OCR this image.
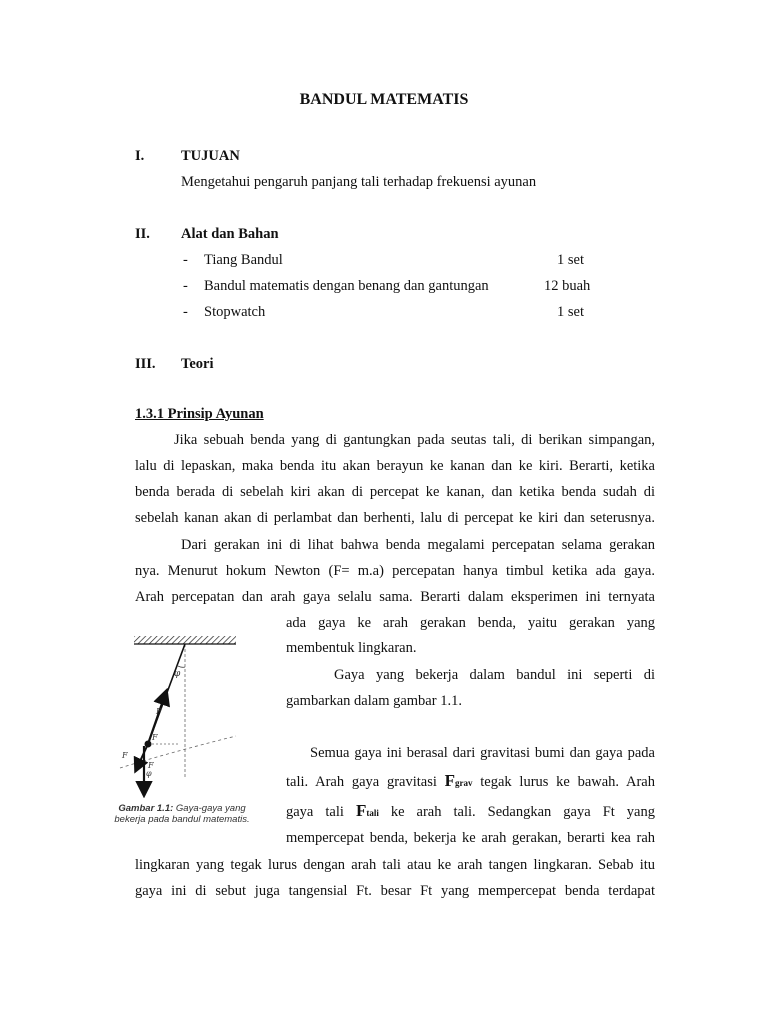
BANDUL MATEMATIS
I.	TUJUAN
Mengetahui pengaruh panjang tali terhadap frekuensi ayunan
II. Alat dan Bahan
- Tiang Bandul	1 set
- Bandul matematis dengan benang dan gantungan	12 buah
- Stopwatch	1 set
III. Teori
1.3.1 Prinsip Ayunan
Jika sebuah benda yang di gantungkan pada seutas tali, di berikan simpangan,
lalu di lepaskan, maka benda itu akan berayun ke kanan dan ke kiri. Berarti, ketika
benda berada di sebelah kiri akan di percepat ke kanan, dan ketika benda sudah di
sebelah kanan akan di perlambat dan berhenti, lalu di percepat ke kiri dan seterusnya.
Dari gerakan ini di lihat bahwa benda megalami percepatan selama gerakan
nya. Menurut hokum Newton (F= m.a) percepatan hanya timbul ketika ada gaya.
Arah percepatan dan arah gaya selalu sama. Berarti dalam eksperimen ini ternyata
ada gaya ke arah gerakan benda, yaitu gerakan yang
membentuk lingkaran.
Gaya yang bekerja dalam bandul ini seperti di
gambarkan dalam gambar 1.1.
Semua gaya ini berasal dari gravitasi bumi dan gaya pada
tali. Arah gaya gravitasi Fgrav tegak lurus ke bawah. Arah
gaya tali Ftali ke arah tali. Sedangkan gaya Ft yang
mempercepat benda, bekerja ke arah gerakan, berarti kea rah
lingkaran yang tegak lurus dengan arah tali atau ke arah tangen lingkaran. Sebab itu
gaya ini di sebut juga tangensial Ft. besar Ft yang mempercepat benda terdapat
φ
F
F
F
F
φ
Gambar 1.1: Gaya-gaya yang bekerja pada bandul matematis.
